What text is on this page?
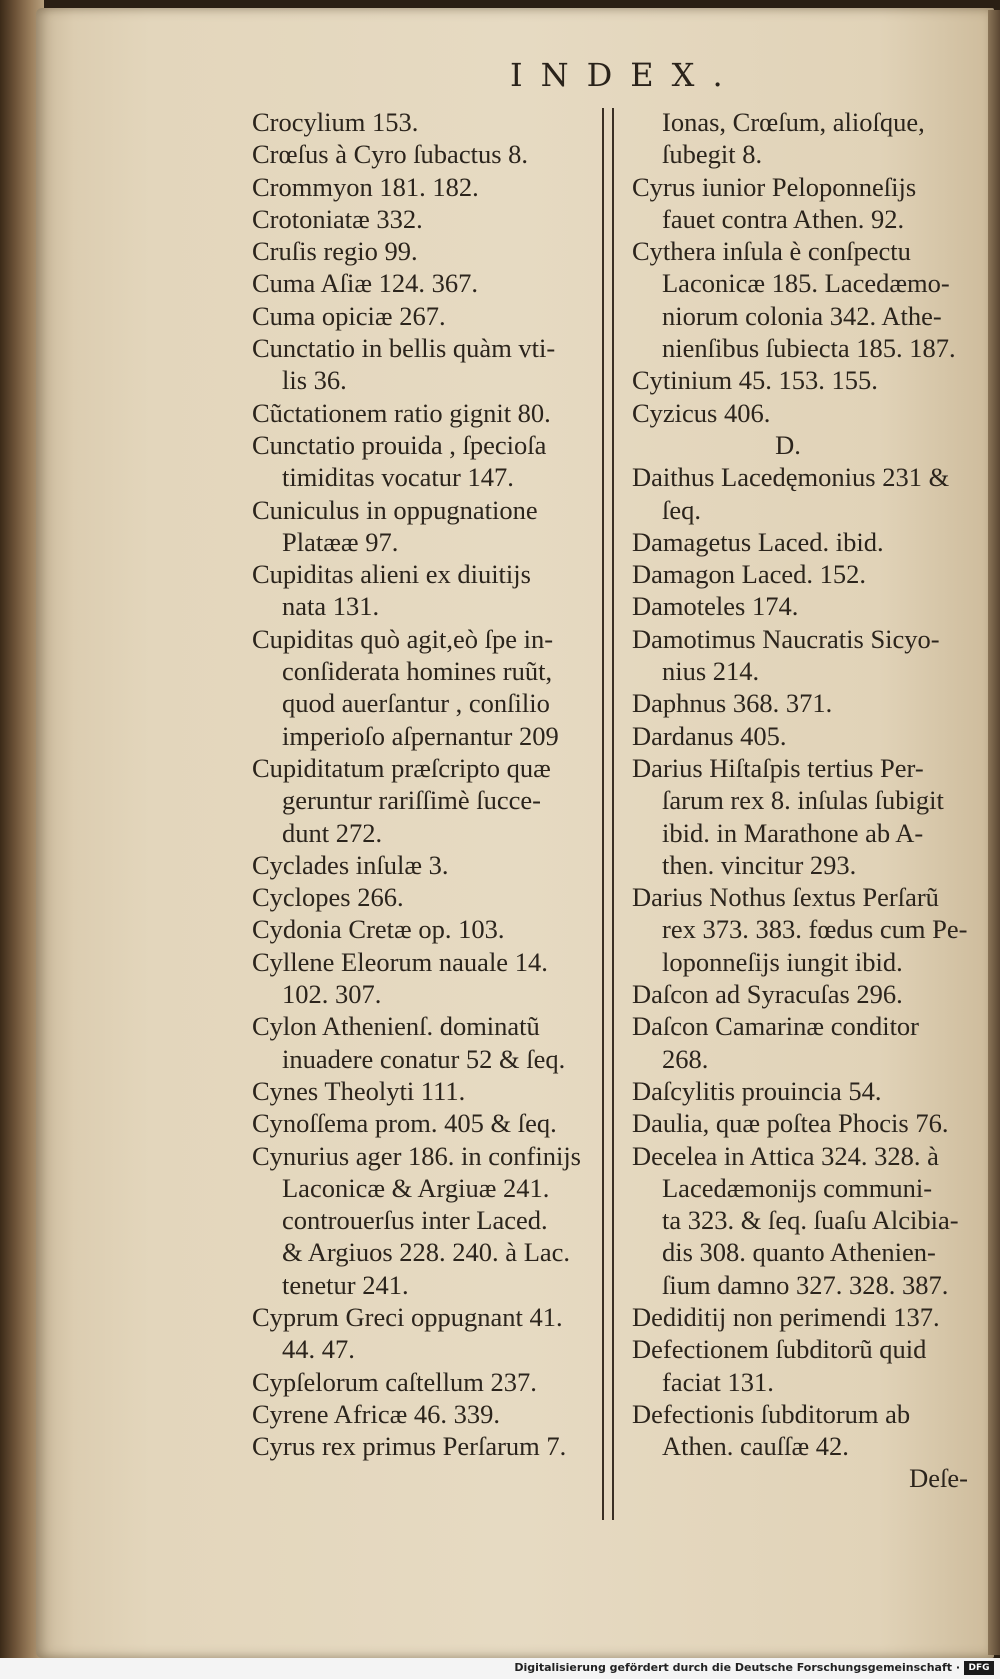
INDEX.
Crocylium 153.
Crœſus à Cyro ſubactus 8.
Crommyon 181. 182.
Crotoniatæ 332.
Cruſis regio 99.
Cuma Aſiæ 124. 367.
Cuma opiciæ 267.
Cunctatio in bellis quàm vti-
lis 36.
Cũctationem ratio gignit 80.
Cunctatio prouida , ſpecioſa
timiditas vocatur 147.
Cuniculus in oppugnatione
Platææ 97.
Cupiditas alieni ex diuitijs
nata 131.
Cupiditas quò agit,eò ſpe in-
conſiderata homines ruũt,
quod auerſantur , conſilio
imperioſo aſpernantur 209
Cupiditatum præſcripto quæ
geruntur rariſſimè ſucce-
dunt 272.
Cyclades inſulæ 3.
Cyclopes 266.
Cydonia Cretæ op. 103.
Cyllene Eleorum nauale 14.
102. 307.
Cylon Athenienſ. dominatũ
inuadere conatur 52 & ſeq.
Cynes Theolyti 111.
Cynoſſema prom. 405 & ſeq.
Cynurius ager 186. in confinijs
Laconicæ & Argiuæ 241.
controuerſus inter Laced.
& Argiuos 228. 240. à Lac.
tenetur 241.
Cyprum Greci oppugnant 41.
44. 47.
Cypſelorum caſtellum 237.
Cyrene Africæ 46. 339.
Cyrus rex primus Perſarum 7.
Ionas, Crœſum, alioſque,
ſubegit 8.
Cyrus iunior Peloponneſijs
fauet contra Athen. 92.
Cythera inſula è conſpectu
Laconicæ 185. Lacedæmo-
niorum colonia 342. Athe-
nienſibus ſubiecta 185. 187.
Cytinium 45. 153. 155.
Cyzicus 406.
D.
Daithus Lacedęmonius 231 &
ſeq.
Damagetus Laced. ibid.
Damagon Laced. 152.
Damoteles 174.
Damotimus Naucratis Sicyo-
nius 214.
Daphnus 368. 371.
Dardanus 405.
Darius Hiſtaſpis tertius Per-
ſarum rex 8. inſulas ſubigit
ibid. in Marathone ab A-
then. vincitur 293.
Darius Nothus ſextus Perſarũ
rex 373. 383. fœdus cum Pe-
loponneſijs iungit ibid.
Daſcon ad Syracuſas 296.
Daſcon Camarinæ conditor
268.
Daſcylitis prouincia 54.
Daulia, quæ poſtea Phocis 76.
Decelea in Attica 324. 328. à
Lacedæmonijs communi-
ta 323. & ſeq. ſuaſu Alcibia-
dis 308. quanto Athenien-
ſium damno 327. 328. 387.
Dediditij non perimendi 137.
Defectionem ſubditorũ quid
faciat 131.
Defectionis ſubditorum ab
Athen. cauſſæ 42.
Deſe-
Digitalisierung gefördert durch die Deutsche Forschungsgemeinschaft · DFG
